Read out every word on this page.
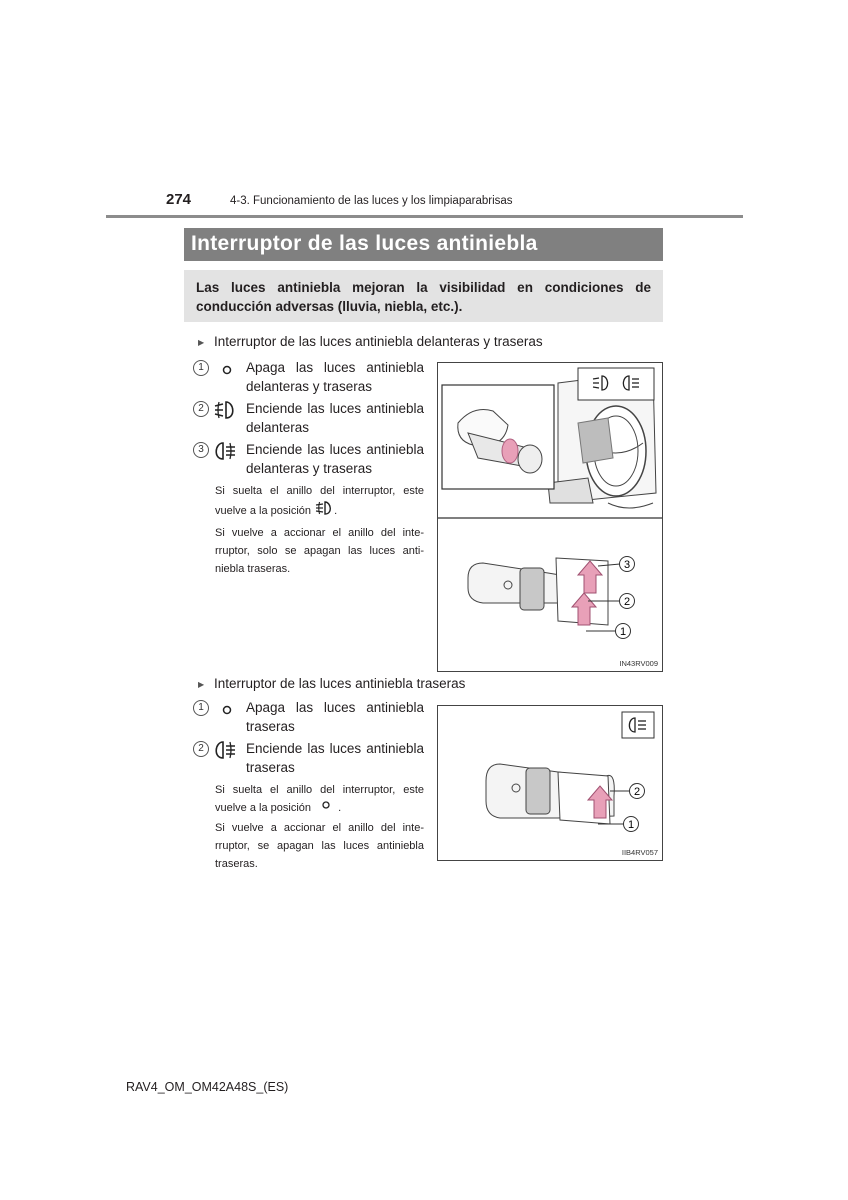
274	4-3. Funcionamiento de las luces y los limpiaparabrisas
Interruptor de las luces antiniebla

Las luces antiniebla mejoran la visibilidad en condiciones de conducción adversas (lluvia, niebla, etc.).

▶ Interruptor de las luces antiniebla delanteras y traseras
1	Apaga las luces antiniebla
delanteras y traseras
2	Enciende las luces antiniebla
delanteras
3	Enciende las luces antiniebla
delanteras y traseras
Si suelta el anillo del interruptor, este
vuelve a la posición .
Si vuelve a accionar el anillo del inte-
rruptor, solo se apagan las luces anti-
niebla traseras.	3
2
1
IN43RV009
▶ Interruptor de las luces antiniebla traseras
1	Apaga las luces antiniebla
traseras
2	Enciende las luces antiniebla
traseras
Si suelta el anillo del interruptor, este
vuelve a la posición .
Si vuelve a accionar el anillo del inte-
rruptor, se apagan las luces antiniebla
traseras.
2
1
IIB4RV057
RAV4_OM_OM42A48S_(ES)
